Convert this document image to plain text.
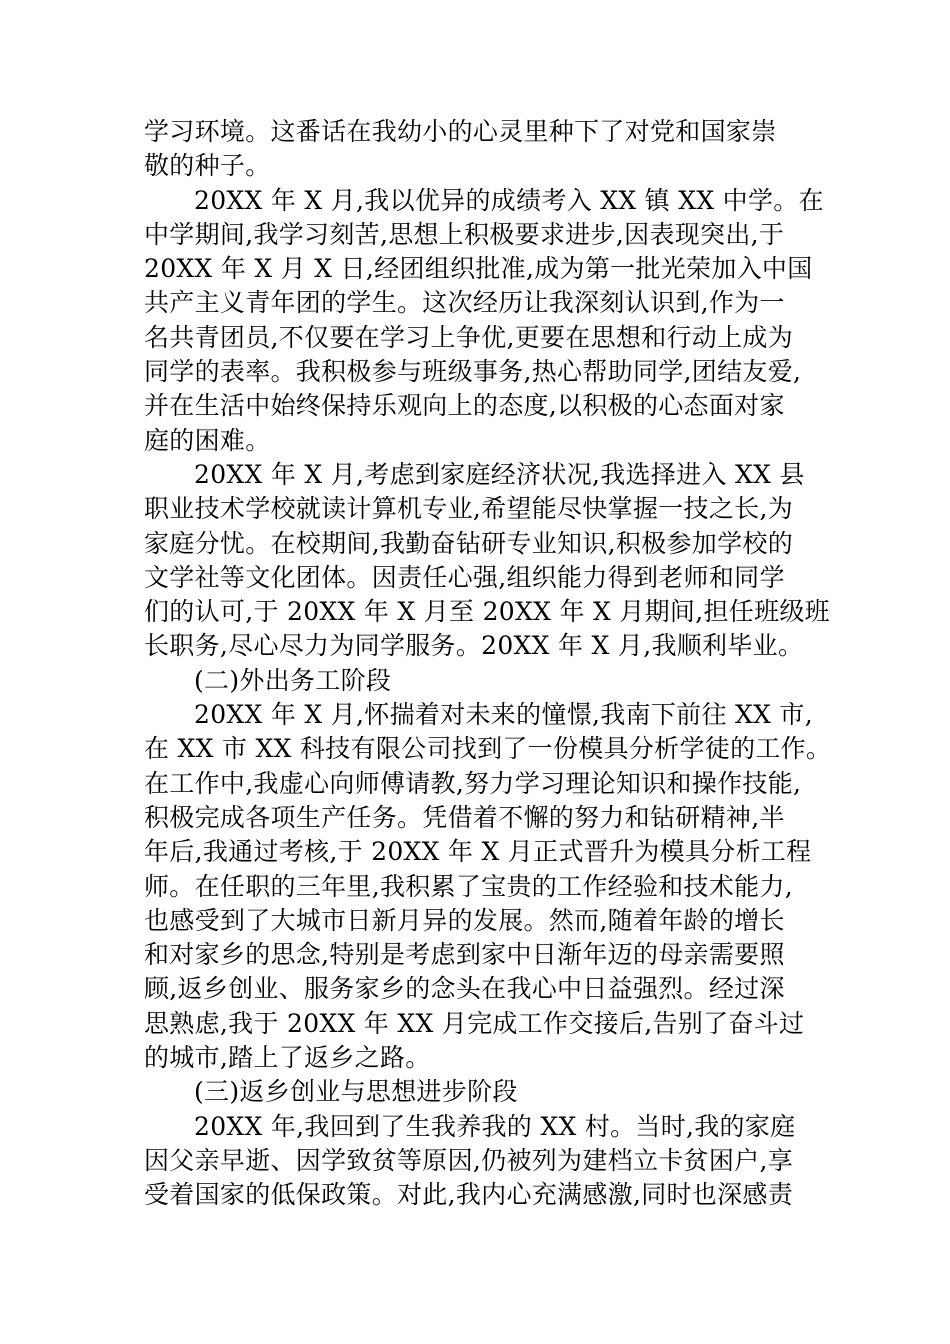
学习环境。这番话在我幼小的心灵里种下了对党和国家崇
敬的种子。
20XX 年 X 月,我以优异的成绩考入 XX 镇 XX 中学。在
中学期间,我学习刻苦,思想上积极要求进步,因表现突出,于
20XX 年 X 月 X 日,经团组织批准,成为第一批光荣加入中国
共产主义青年团的学生。这次经历让我深刻认识到,作为一
名共青团员,不仅要在学习上争优,更要在思想和行动上成为
同学的表率。我积极参与班级事务,热心帮助同学,团结友爱,
并在生活中始终保持乐观向上的态度,以积极的心态面对家
庭的困难。
20XX 年 X 月,考虑到家庭经济状况,我选择进入 XX 县
职业技术学校就读计算机专业,希望能尽快掌握一技之长,为
家庭分忧。在校期间,我勤奋钻研专业知识,积极参加学校的
文学社等文化团体。因责任心强,组织能力得到老师和同学
们的认可,于 20XX 年 X 月至 20XX 年 X 月期间,担任班级班
长职务,尽心尽力为同学服务。20XX 年 X 月,我顺利毕业。
(二)外出务工阶段
20XX 年 X 月,怀揣着对未来的憧憬,我南下前往 XX 市,
在 XX 市 XX 科技有限公司找到了一份模具分析学徒的工作。
在工作中,我虚心向师傅请教,努力学习理论知识和操作技能,
积极完成各项生产任务。凭借着不懈的努力和钻研精神,半
年后,我通过考核,于 20XX 年 X 月正式晋升为模具分析工程
师。在任职的三年里,我积累了宝贵的工作经验和技术能力,
也感受到了大城市日新月异的发展。然而,随着年龄的增长
和对家乡的思念,特别是考虑到家中日渐年迈的母亲需要照
顾,返乡创业、服务家乡的念头在我心中日益强烈。经过深
思熟虑,我于 20XX 年 XX 月完成工作交接后,告别了奋斗过
的城市,踏上了返乡之路。
(三)返乡创业与思想进步阶段
20XX 年,我回到了生我养我的 XX 村。当时,我的家庭
因父亲早逝、因学致贫等原因,仍被列为建档立卡贫困户,享
受着国家的低保政策。对此,我内心充满感激,同时也深感责
